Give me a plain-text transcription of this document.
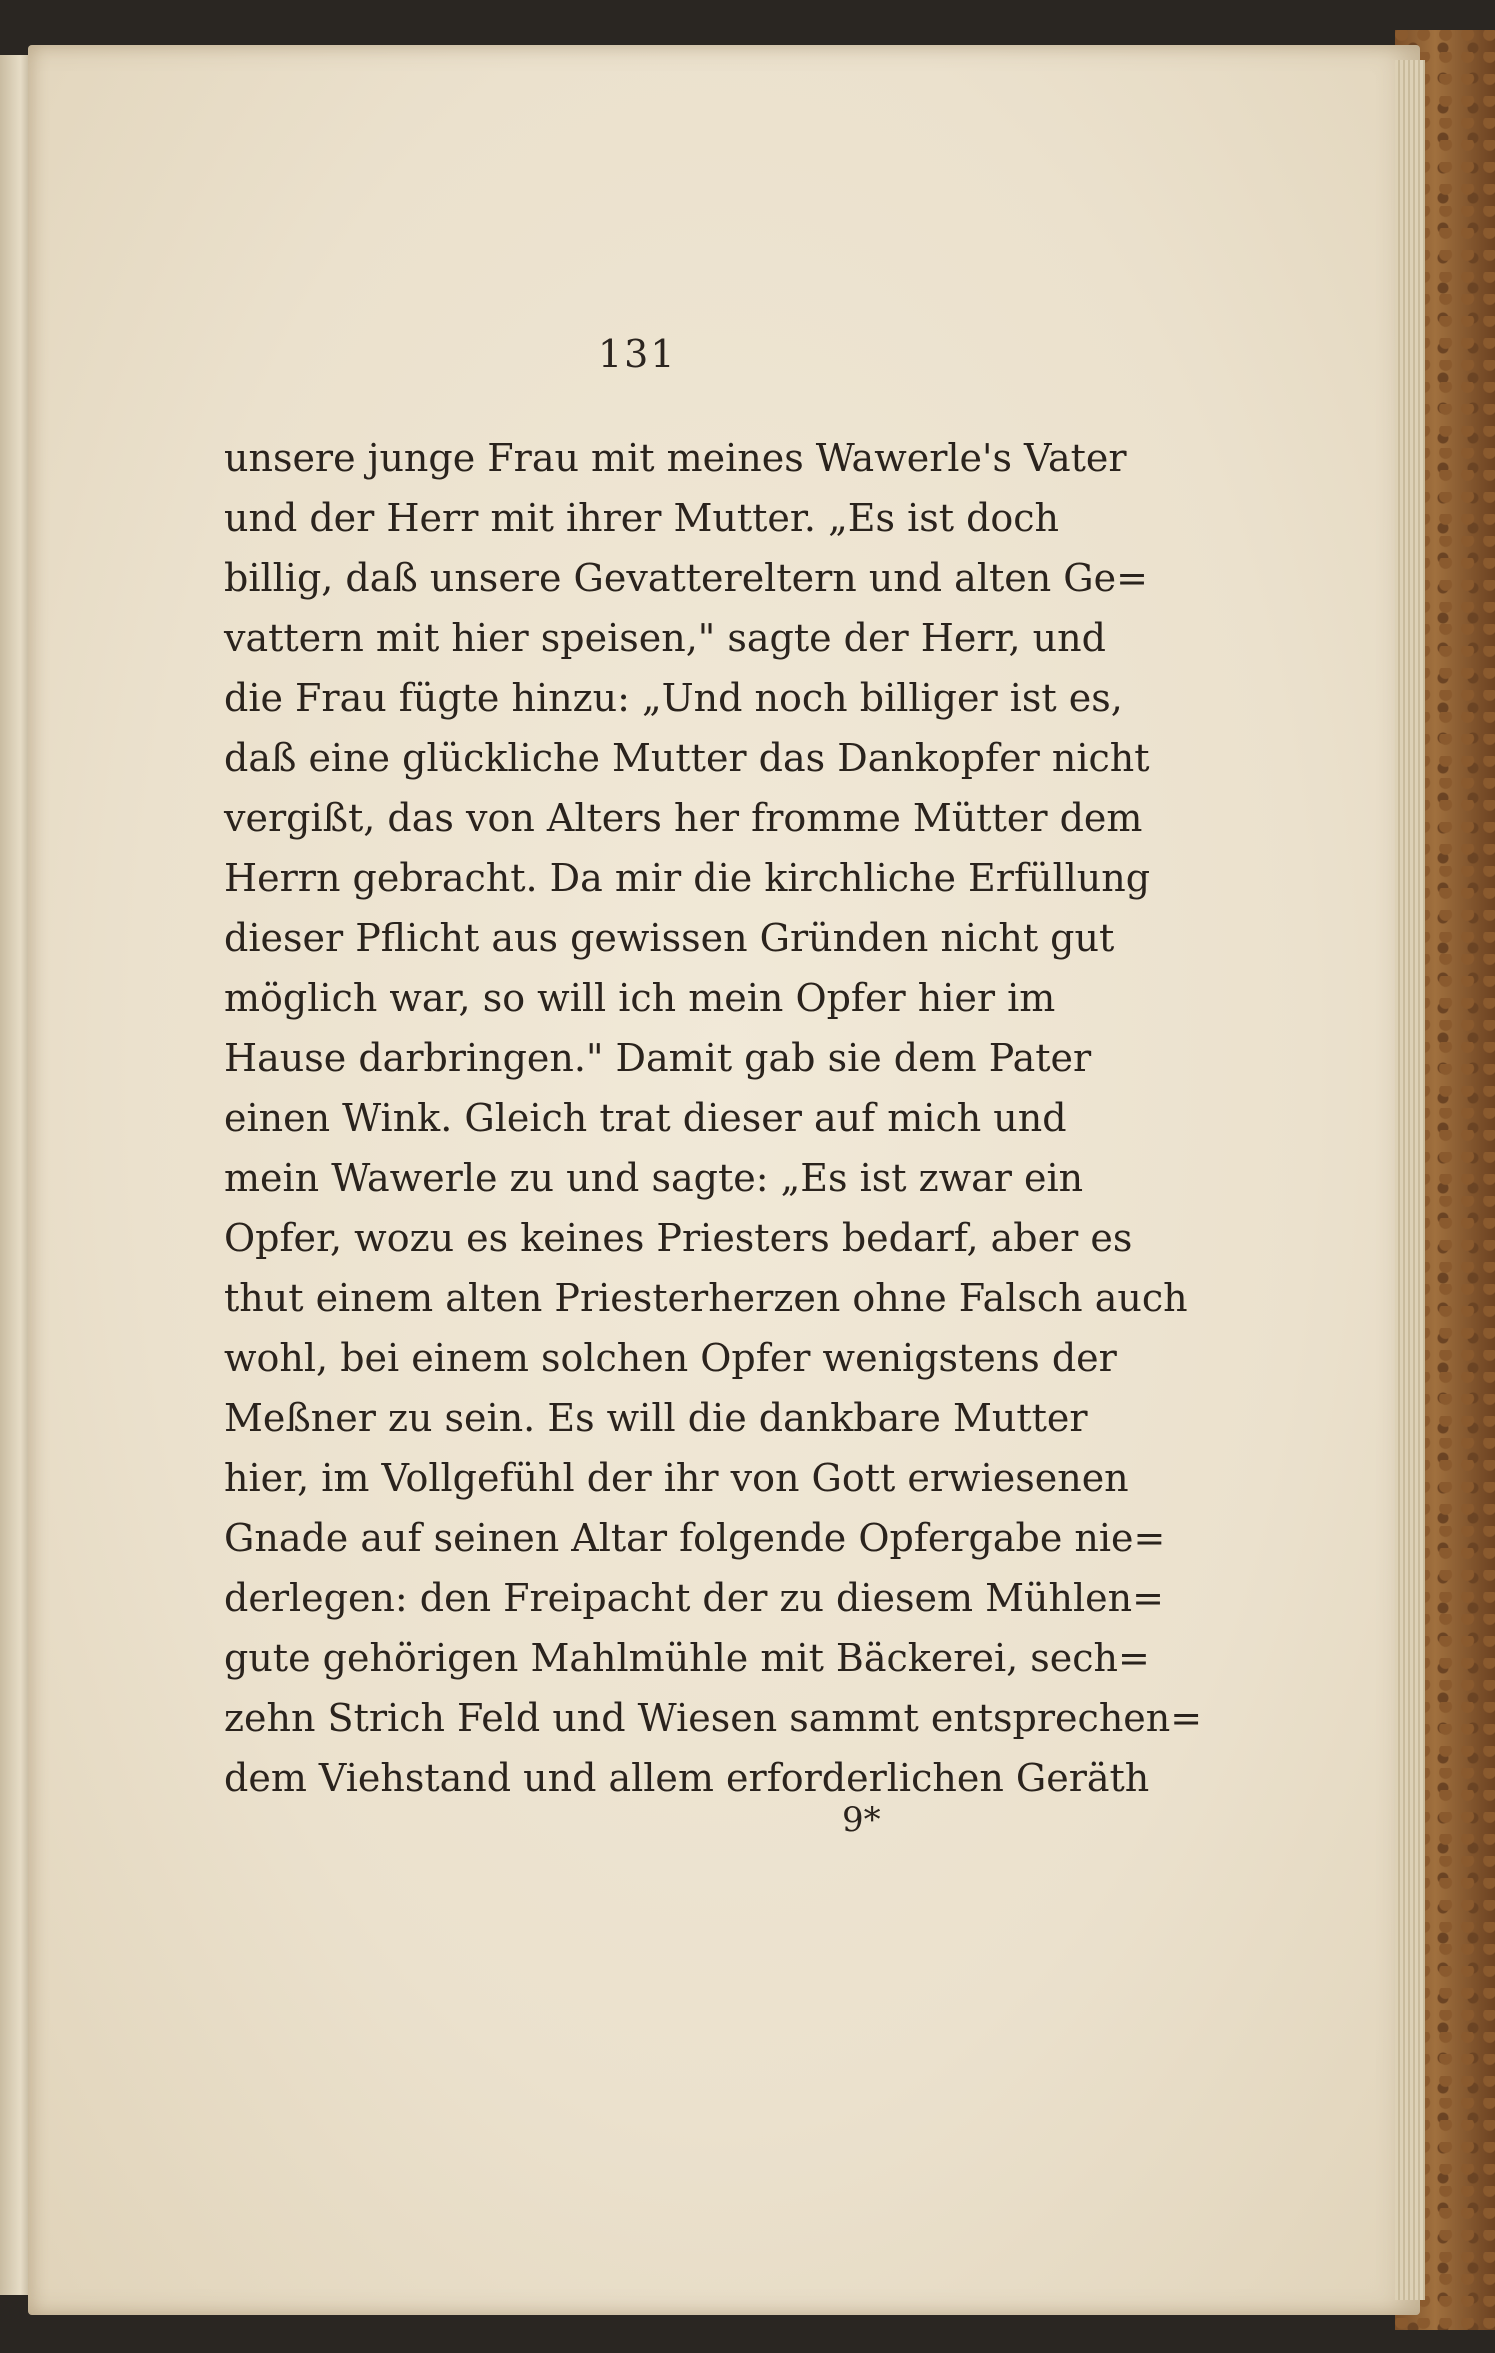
131
unsere junge Frau mit meines Wawerle's Vater
und der Herr mit ihrer Mutter. „Es ist doch
billig, daß unsere Gevattereltern und alten Ge=
vattern mit hier speisen," sagte der Herr, und
die Frau fügte hinzu: „Und noch billiger ist es,
daß eine glückliche Mutter das Dankopfer nicht
vergißt, das von Alters her fromme Mütter dem
Herrn gebracht. Da mir die kirchliche Erfüllung
dieser Pflicht aus gewissen Gründen nicht gut
möglich war, so will ich mein Opfer hier im
Hause darbringen." Damit gab sie dem Pater
einen Wink. Gleich trat dieser auf mich und
mein Wawerle zu und sagte: „Es ist zwar ein
Opfer, wozu es keines Priesters bedarf, aber es
thut einem alten Priesterherzen ohne Falsch auch
wohl, bei einem solchen Opfer wenigstens der
Meßner zu sein. Es will die dankbare Mutter
hier, im Vollgefühl der ihr von Gott erwiesenen
Gnade auf seinen Altar folgende Opfergabe nie=
derlegen: den Freipacht der zu diesem Mühlen=
gute gehörigen Mahlmühle mit Bäckerei, sech=
zehn Strich Feld und Wiesen sammt entsprechen=
dem Viehstand und allem erforderlichen Geräth
9*
